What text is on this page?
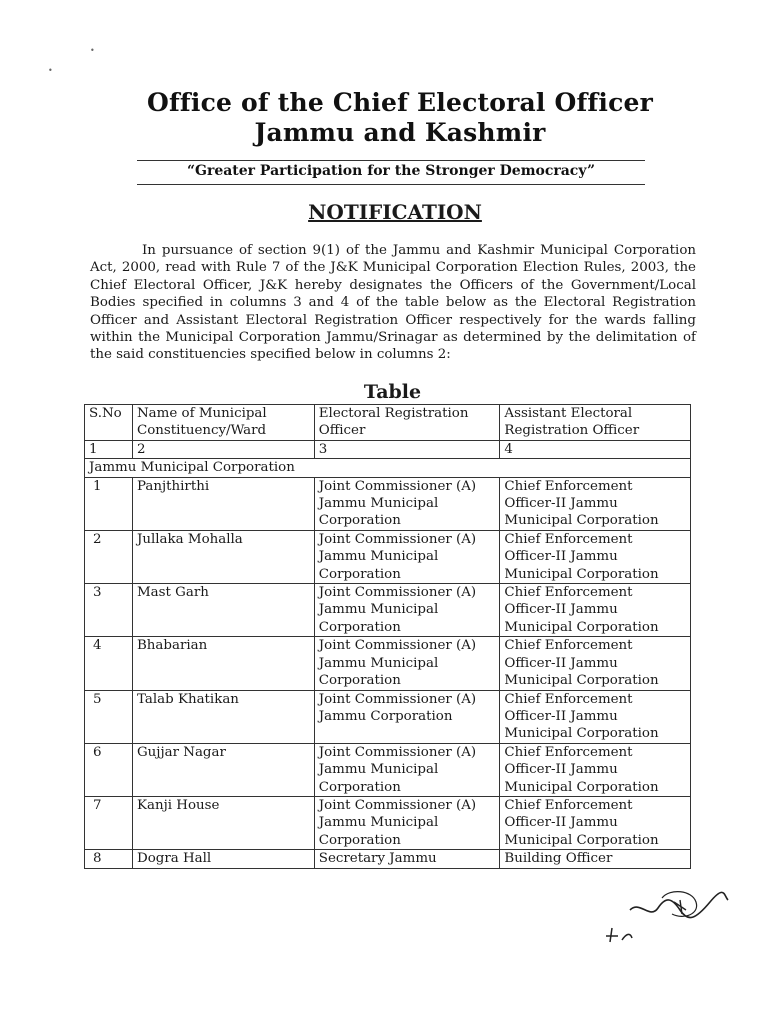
•
•
Office of the Chief Electoral Officer
Jammu and Kashmir
“Greater Participation for the Stronger Democracy”
NOTIFICATION

In pursuance of section 9(1) of the Jammu and Kashmir Municipal Corporation Act, 2000, read with Rule 7 of the J&K Municipal Corporation Election Rules, 2003, the Chief Electoral Officer, J&K hereby designates the Officers of the Government/Local Bodies specified in columns 3 and 4 of the table below as the Electoral Registration Officer and Assistant Electoral Registration Officer respectively for the wards falling within the Municipal Corporation Jammu/Srinagar as determined by the delimitation of the said constituencies specified below in columns 2:

Table
S.No	Name of Municipal Constituency/Ward	Electoral Registration Officer	Assistant Electoral Registration Officer
1	2	3	4
Jammu Municipal Corporation			
1	Panjthirthi	Joint Commissioner (A) Jammu Municipal Corporation	Chief Enforcement Officer-II Jammu Municipal Corporation
2	Jullaka Mohalla	Joint Commissioner (A) Jammu Municipal Corporation	Chief Enforcement Officer-II Jammu Municipal Corporation
3	Mast Garh	Joint Commissioner (A) Jammu Municipal Corporation	Chief Enforcement Officer-II Jammu Municipal Corporation
4	Bhabarian	Joint Commissioner (A) Jammu Municipal Corporation	Chief Enforcement Officer-II Jammu Municipal Corporation
5	Talab Khatikan	Joint Commissioner (A) Jammu Corporation	Chief Enforcement Officer-II Jammu Municipal Corporation
6	Gujjar Nagar	Joint Commissioner (A) Jammu Municipal Corporation	Chief Enforcement Officer-II Jammu Municipal Corporation
7	Kanji House	Joint Commissioner (A) Jammu Municipal Corporation	Chief Enforcement Officer-II Jammu Municipal Corporation
8	Dogra Hall	Secretary Jammu	Building Officer
